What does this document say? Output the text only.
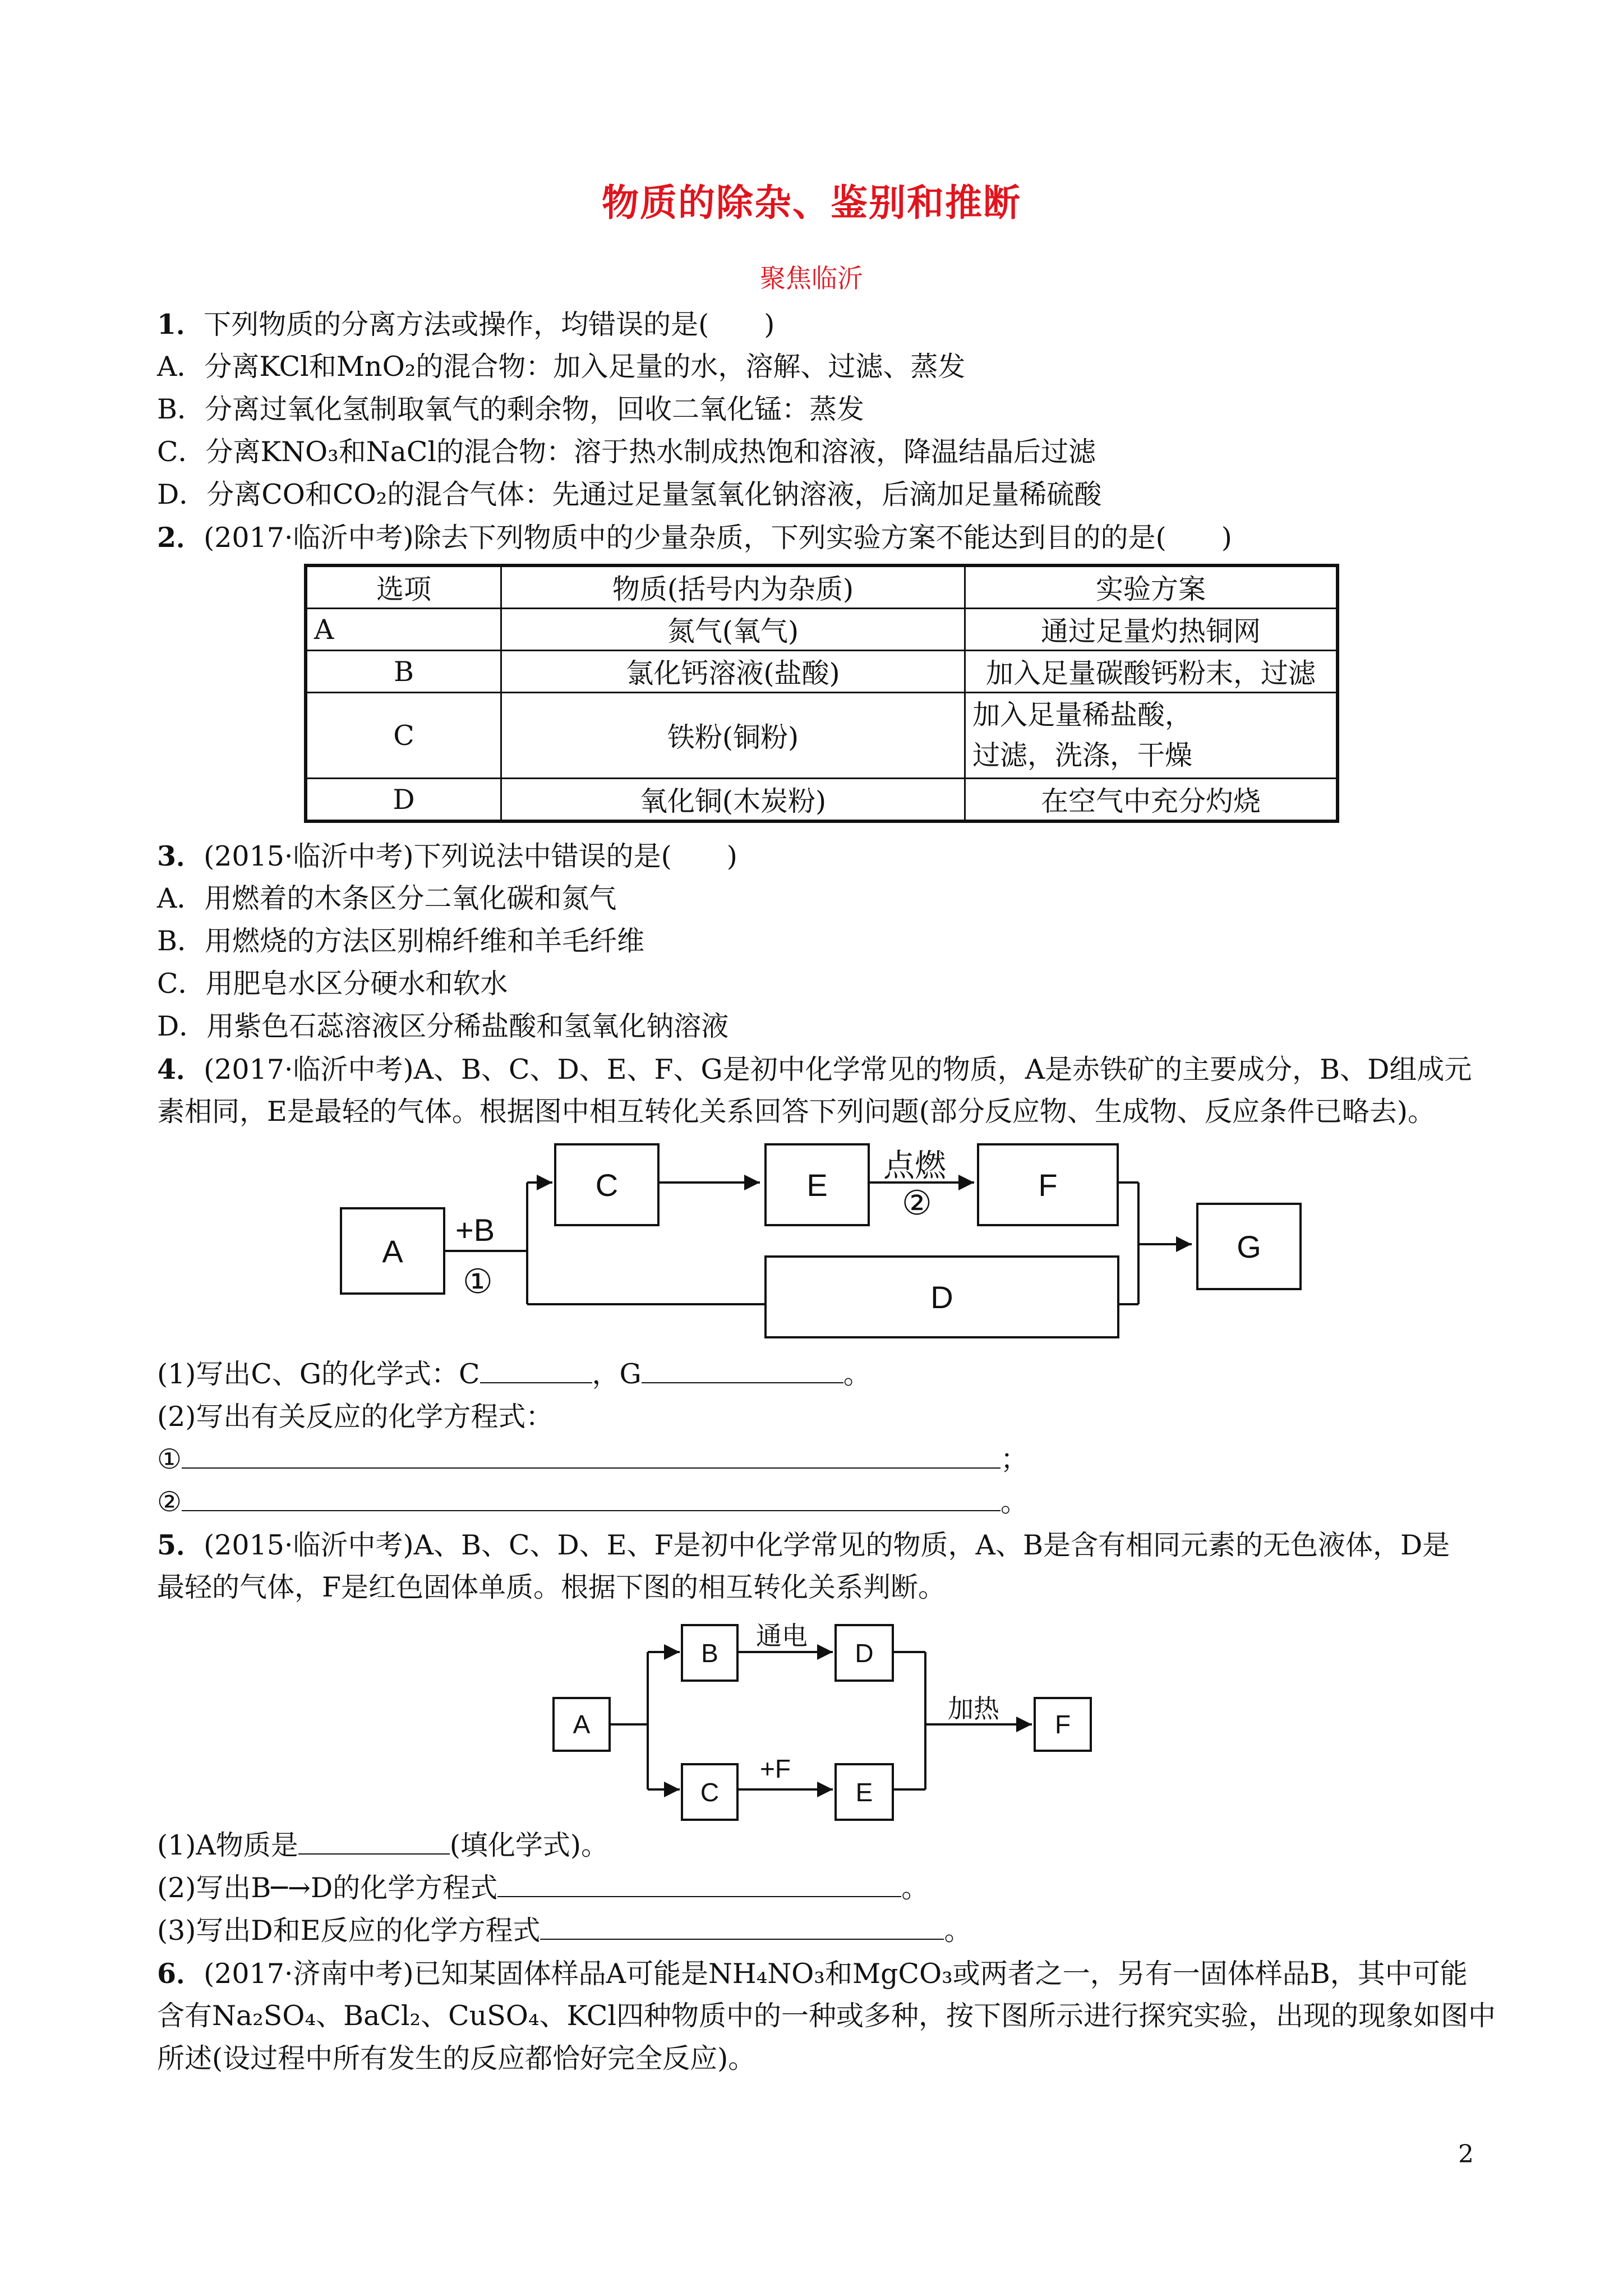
物质的除杂、鉴别和推断
聚焦临沂
1．下列物质的分离方法或操作，均错误的是(　　)
A．分离KCl和MnO₂的混合物：加入足量的水，溶解、过滤、蒸发
B．分离过氧化氢制取氧气的剩余物，回收二氧化锰：蒸发
C．分离KNO₃和NaCl的混合物：溶于热水制成热饱和溶液，降温结晶后过滤
D．分离CO和CO₂的混合气体：先通过足量氢氧化钠溶液，后滴加足量稀硫酸
2．(2017·临沂中考)除去下列物质中的少量杂质，下列实验方案不能达到目的的是(　　)
选项	物质(括号内为杂质)	实验方案
A	氮气(氧气)	通过足量灼热铜网
B	氯化钙溶液(盐酸)	加入足量碳酸钙粉末，过滤
C	铁粉(铜粉)	加入足量稀盐酸，
过滤，洗涤，干燥

D	氧化铜(木炭粉)	在空气中充分灼烧
3．(2015·临沂中考)下列说法中错误的是(　　)
A．用燃着的木条区分二氧化碳和氮气
B．用燃烧的方法区别棉纤维和羊毛纤维
C．用肥皂水区分硬水和软水
D．用紫色石蕊溶液区分稀盐酸和氢氧化钠溶液
4．(2017·临沂中考)A、B、C、D、E、F、G是初中化学常见的物质，A是赤铁矿的主要成分，B、D组成元
素相同，E是最轻的气体。根据图中相互转化关系回答下列问题(部分反应物、生成物、反应条件已略去)。
A
C	E	F
G
D
+B
①
点燃
②
(1)写出C、G的化学式：C	，G	。
(2)写出有关反应的化学方程式：
①	；
②	。
5．(2015·临沂中考)A、B、C、D、E、F是初中化学常见的物质，A、B是含有相同元素的无色液体，D是
最轻的气体，F是红色固体单质。根据下图的相互转化关系判断。
A
B	D
C	E
F
通电
+F
加热
(1)A物质是	(填化学式)。
(2)写出B─→D的化学方程式	。
(3)写出D和E反应的化学方程式	。
6．(2017·济南中考)已知某固体样品A可能是NH₄NO₃和MgCO₃或两者之一，另有一固体样品B，其中可能
含有Na₂SO₄、BaCl₂、CuSO₄、KCl四种物质中的一种或多种，按下图所示进行探究实验，出现的现象如图中
所述(设过程中所有发生的反应都恰好完全反应)。
2
